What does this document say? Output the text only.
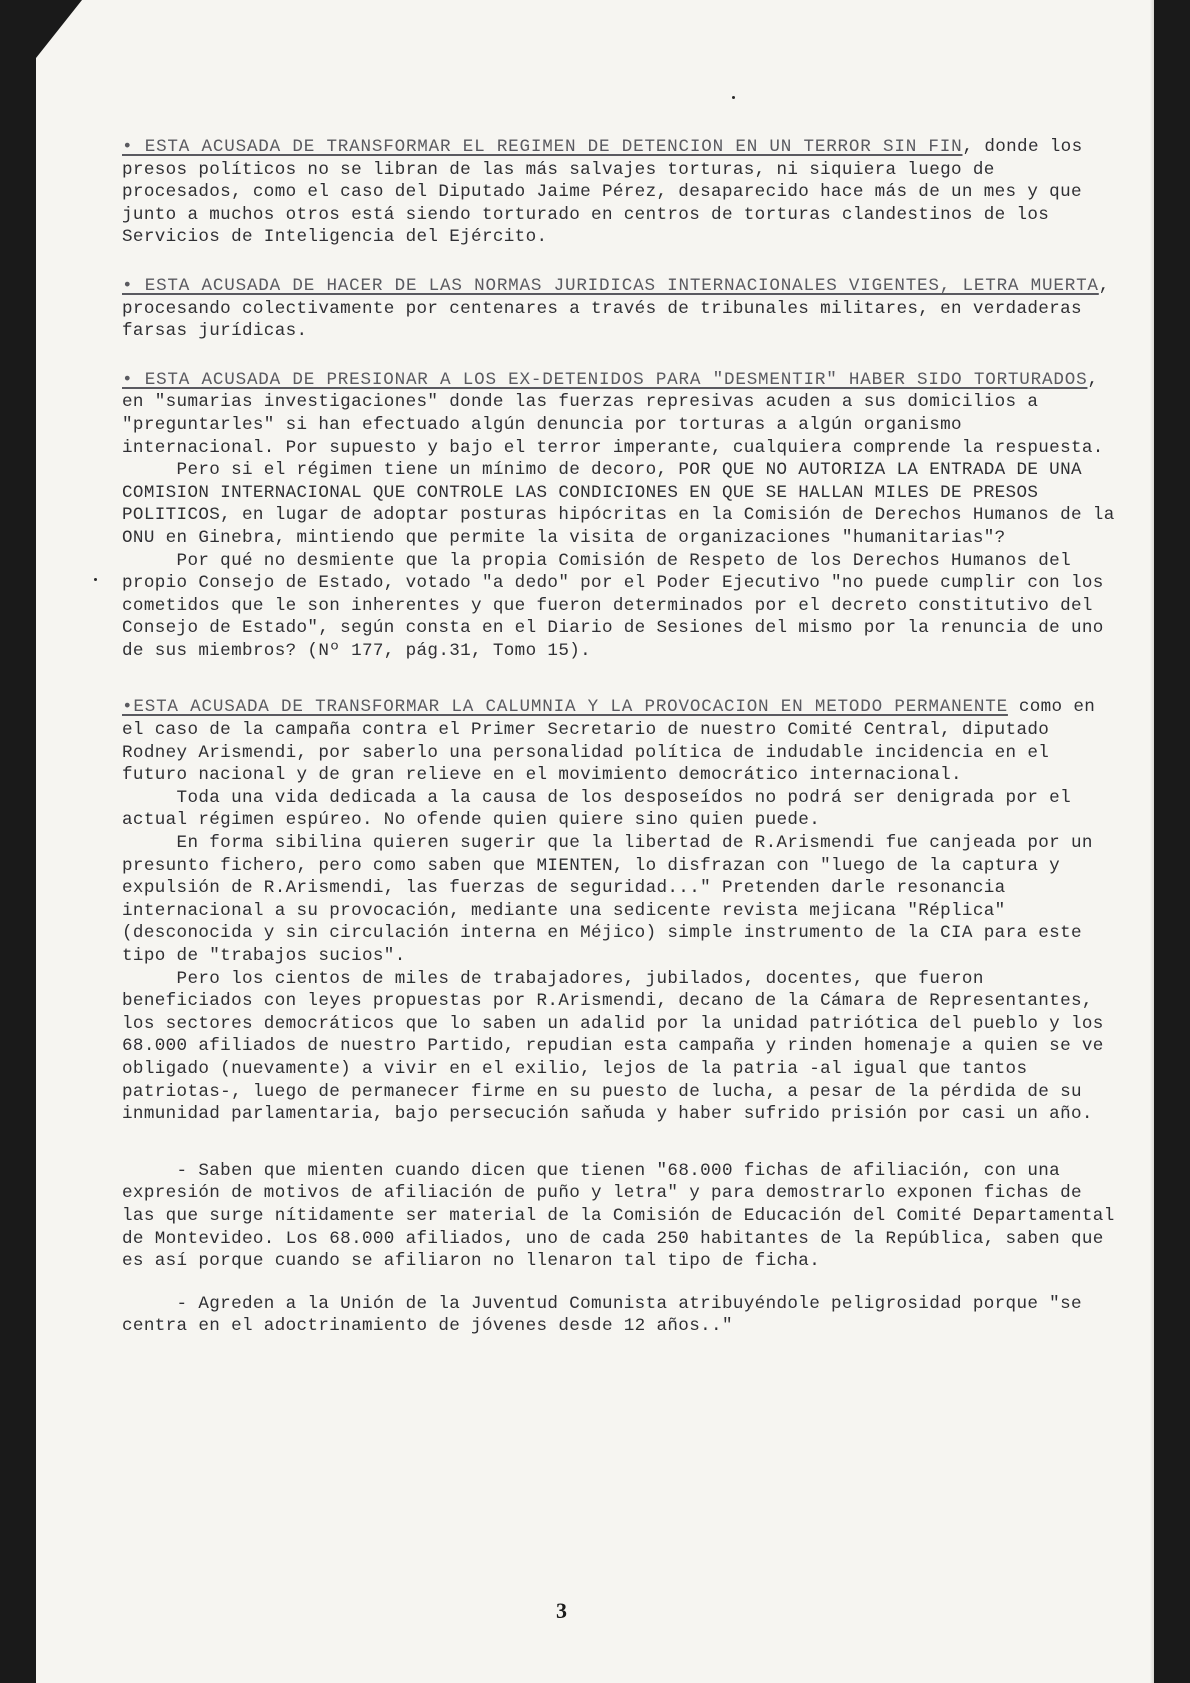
• ESTA ACUSADA DE TRANSFORMAR EL REGIMEN DE DETENCION EN UN TERROR SIN FIN, donde los presos políticos no se libran de las más salvajes torturas, ni siquiera luego de procesados, como el caso del Diputado Jaime Pérez, desaparecido hace más de un mes y que junto a muchos otros está siendo torturado en centros de torturas clandestinos de los Servicios de Inteligencia del Ejército.

• ESTA ACUSADA DE HACER DE LAS NORMAS JURIDICAS INTERNACIONALES VIGENTES, LETRA MUERTA, procesando colectivamente por centenares a través de tribunales militares, en verdaderas farsas jurídicas.

• ESTA ACUSADA DE PRESIONAR A LOS EX-DETENIDOS PARA "DESMENTIR" HABER SIDO TORTURADOS, en "sumarias investigaciones" donde las fuerzas represivas acuden a sus domicilios a "preguntarles" si han efectuado algún denuncia por torturas a algún organismo internacional. Por supuesto y bajo el terror imperante, cualquiera comprende la respuesta.

Pero si el régimen tiene un mínimo de decoro, POR QUE NO AUTORIZA LA ENTRADA DE UNA COMISION INTERNACIONAL QUE CONTROLE LAS CONDICIONES EN QUE SE HALLAN MILES DE PRESOS POLITICOS, en lugar de adoptar posturas hipócritas en la Comisión de Derechos Humanos de la ONU en Ginebra, mintiendo que permite la visita de organizaciones "humanitarias"?

Por qué no desmiente que la propia Comisión de Respeto de los Derechos Humanos del propio Consejo de Estado, votado "a dedo" por el Poder Ejecutivo "no puede cumplir con los cometidos que le son inherentes y que fueron determinados por el decreto constitutivo del Consejo de Estado", según consta en el Diario de Sesiones del mismo por la renuncia de uno de sus miembros? (Nº 177, pág.31, Tomo 15).

•ESTA ACUSADA DE TRANSFORMAR LA CALUMNIA Y LA PROVOCACION EN METODO PERMANENTE como en el caso de la campaña contra el Primer Secretario de nuestro Comité Central, diputado Rodney Arismendi, por saberlo una personalidad política de indudable incidencia en el futuro nacional y de gran relieve en el movimiento democrático internacional.

Toda una vida dedicada a la causa de los desposeídos no podrá ser denigrada por el actual régimen espúreo. No ofende quien quiere sino quien puede.

En forma sibilina quieren sugerir que la libertad de R.Arismendi fue canjeada por un presunto fichero, pero como saben que MIENTEN, lo disfrazan con "luego de la captura y expulsión de R.Arismendi, las fuerzas de seguridad..." Pretenden darle resonancia internacional a su provocación, mediante una sedicente revista mejicana "Réplica" (desconocida y sin circulación interna en Méjico) simple instrumento de la CIA para este tipo de "trabajos sucios".

Pero los cientos de miles de trabajadores, jubilados, docentes, que fueron beneficiados con leyes propuestas por R.Arismendi, decano de la Cámara de Representantes, los sectores democráticos que lo saben un adalid por la unidad patriótica del pueblo y los 68.000 afiliados de nuestro Partido, repudian esta campaña y rinden homenaje a quien se ve obligado (nuevamente) a vivir en el exilio, lejos de la patria -al igual que tantos patriotas-, luego de permanecer firme en su puesto de lucha, a pesar de la pérdida de su inmunidad parlamentaria, bajo persecución saňuda y haber sufrido prisión por casi un año.

- Saben que mienten cuando dicen que tienen "68.000 fichas de afiliación, con una expresión de motivos de afiliación de puño y letra" y para demostrarlo exponen fichas de las que surge nítidamente ser material de la Comisión de Educación del Comité Departamental de Montevideo. Los 68.000 afiliados, uno de cada 250 habitantes de la República, saben que es así porque cuando se afiliaron no llenaron tal tipo de ficha.

- Agreden a la Unión de la Juventud Comunista atribuyéndole peligrosidad porque "se centra en el adoctrinamiento de jóvenes desde 12 años.."

3
